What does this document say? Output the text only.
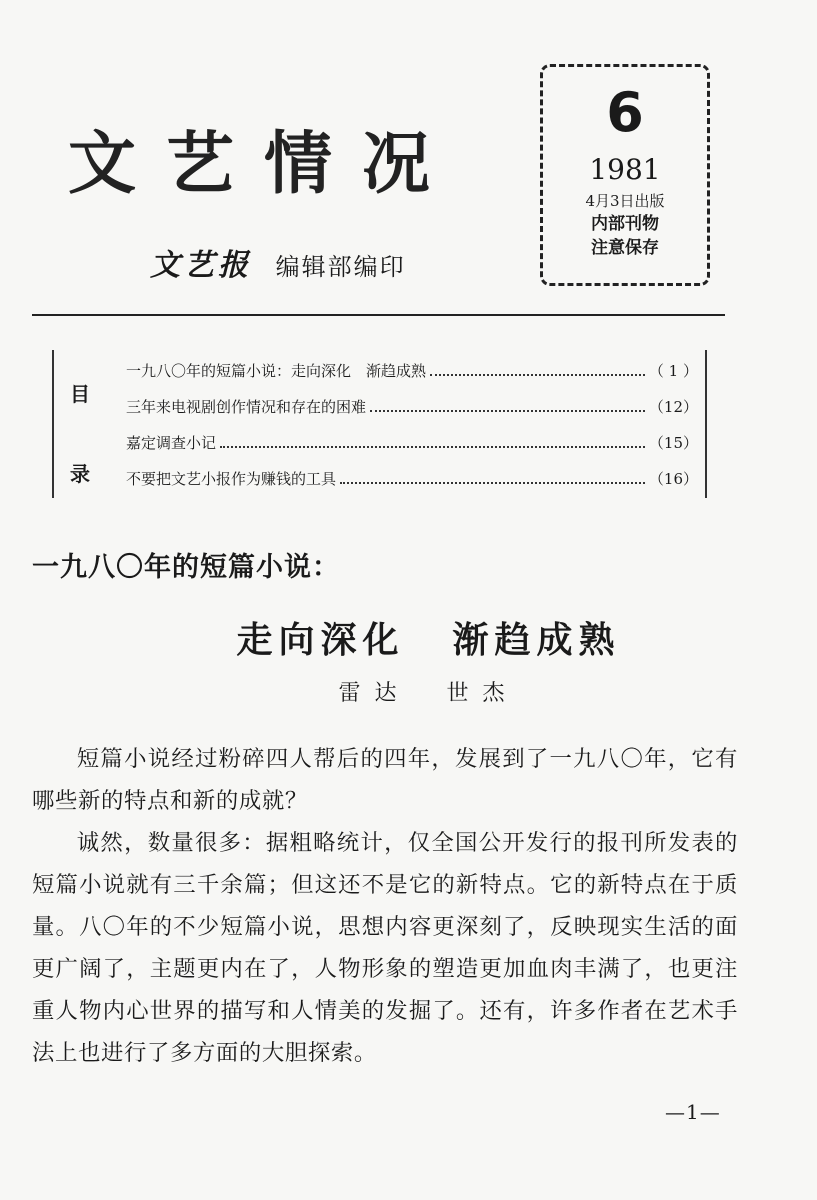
文艺情况
文艺报 编辑部编印
6
1981
4月3日出版
内部刊物
注意保存
目
录
一九八〇年的短篇小说：走向深化　渐趋成熟	（ 1 ）
三年来电视剧创作情况和存在的困难	（12）
嘉定调查小记	（15）
不要把文艺小报作为赚钱的工具	（16）
一九八〇年的短篇小说：
走向深化 渐趋成熟
雷达 世杰

短篇小说经过粉碎四人帮后的四年，发展到了一九八〇年，它有哪些新的特点和新的成就？

诚然，数量很多：据粗略统计，仅全国公开发行的报刊所发表的短篇小说就有三千余篇；但这还不是它的新特点。它的新特点在于质量。八〇年的不少短篇小说，思想内容更深刻了，反映现实生活的面更广阔了，主题更内在了，人物形象的塑造更加血肉丰满了，也更注重人物内心世界的描写和人情美的发掘了。还有，许多作者在艺术手法上也进行了多方面的大胆探索。

—1—
